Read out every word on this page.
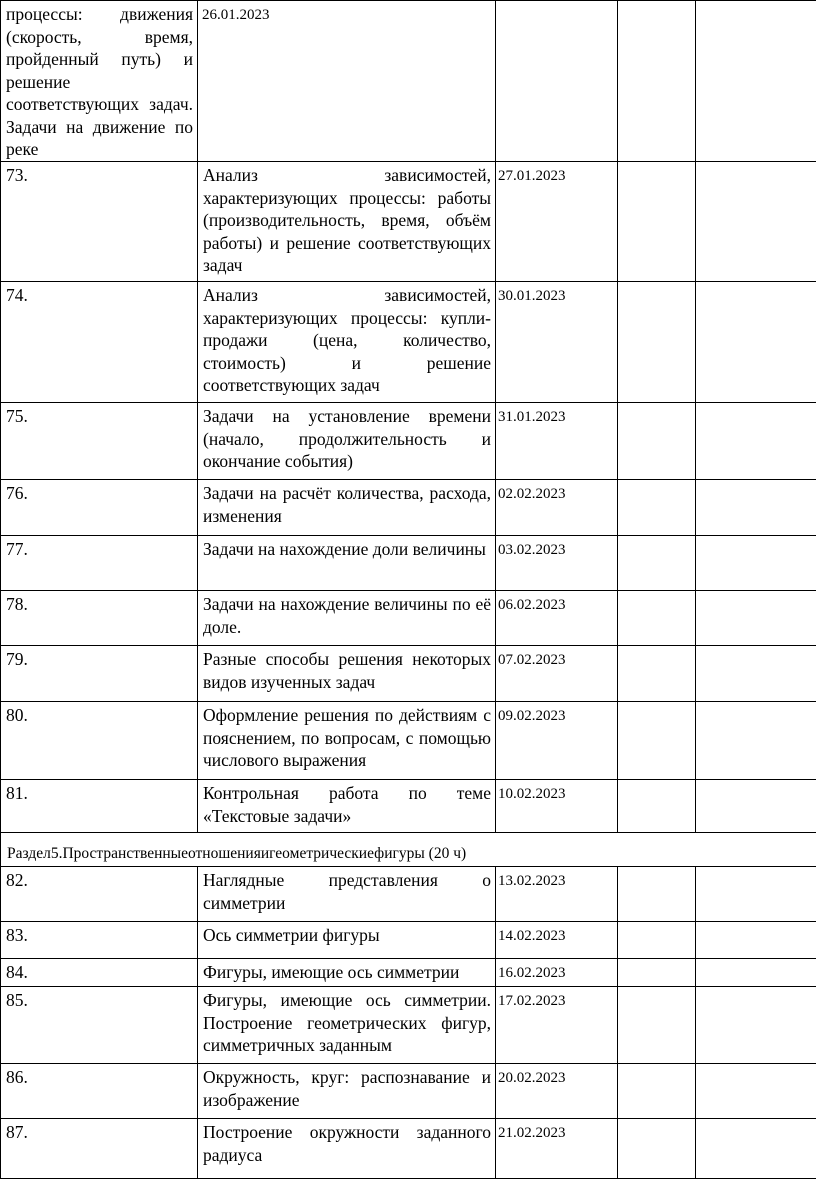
процессы: движения (скорость, время, пройденный путь) и решение соответствующих задач. Задачи на движение по реке	26.01.2023			
73.	Анализ зависимостей, характеризующих процессы: работы (производительность, время, объём работы) и решение соответствующих задач	27.01.2023		
74.	Анализ зависимостей, характеризующих процессы: купли-продажи (цена, количество, стоимость) и решение соответствующих задач	30.01.2023		
75.	Задачи на установление времени (начало, продолжительность и окончание события)	31.01.2023		
76.	Задачи на расчёт количества, расхода, изменения	02.02.2023		
77.	Задачи на нахождение доли величины	03.02.2023		
78.	Задачи на нахождение величины по её доле.	06.02.2023		
79.	Разные способы решения некоторых видов изученных задач	07.02.2023		
80.	Оформление решения по действиям с пояснением, по вопросам, с помощью числового выражения	09.02.2023		
81.	Контрольная работа по теме «Текстовые задачи»	10.02.2023		
Раздел5.Пространственныеотношенияигеометрическиефигуры (20 ч)				
82.	Наглядные представления о симметрии	13.02.2023		
83.	Ось симметрии фигуры	14.02.2023		
84.	Фигуры, имеющие ось симметрии	16.02.2023		
85.	Фигуры, имеющие ось симметрии. Построение геометрических фигур, симметричных заданным	17.02.2023		
86.	Окружность, круг: распознавание и изображение	20.02.2023		
87.	Построение окружности заданного радиуса	21.02.2023		
